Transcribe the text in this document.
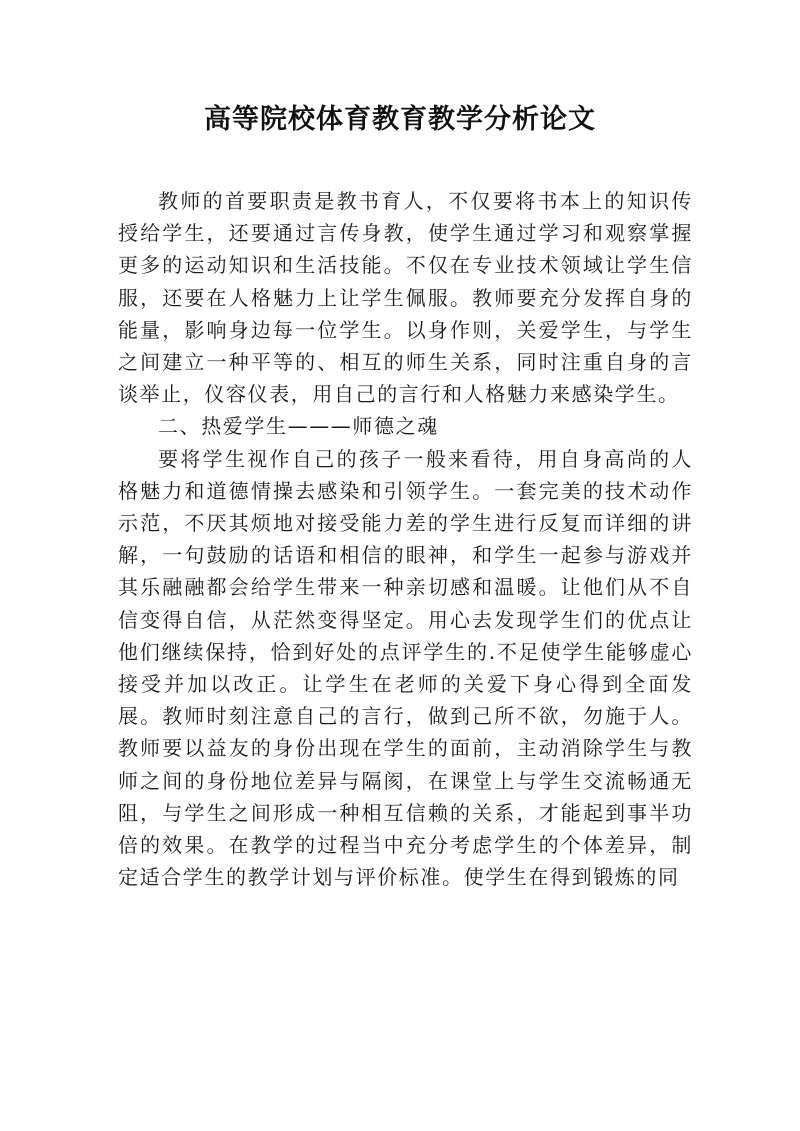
高等院校体育教育教学分析论文

教师的首要职责是教书育人，不仅要将书本上的知识传授给学生，还要通过言传身教，使学生通过学习和观察掌握更多的运动知识和生活技能。不仅在专业技术领域让学生信服，还要在人格魅力上让学生佩服。教师要充分发挥自身的能量，影响身边每一位学生。以身作则，关爱学生，与学生之间建立一种平等的、相互的师生关系，同时注重自身的言谈举止，仪容仪表，用自己的言行和人格魅力来感染学生。

二、热爱学生———师德之魂

要将学生视作自己的孩子一般来看待，用自身高尚的人格魅力和道德情操去感染和引领学生。一套完美的技术动作示范，不厌其烦地对接受能力差的学生进行反复而详细的讲解，一句鼓励的话语和相信的眼神，和学生一起参与游戏并其乐融融都会给学生带来一种亲切感和温暖。让他们从不自信变得自信，从茫然变得坚定。用心去发现学生们的优点让他们继续保持，恰到好处的点评学生的.不足使学生能够虚心接受并加以改正。让学生在老师的关爱下身心得到全面发展。教师时刻注意自己的言行，做到己所不欲，勿施于人。教师要以益友的身份出现在学生的面前，主动消除学生与教师之间的身份地位差异与隔阂，在课堂上与学生交流畅通无阻，与学生之间形成一种相互信赖的关系，才能起到事半功倍的效果。在教学的过程当中充分考虑学生的个体差异，制定适合学生的教学计划与评价标准。使学生在得到锻炼的同
